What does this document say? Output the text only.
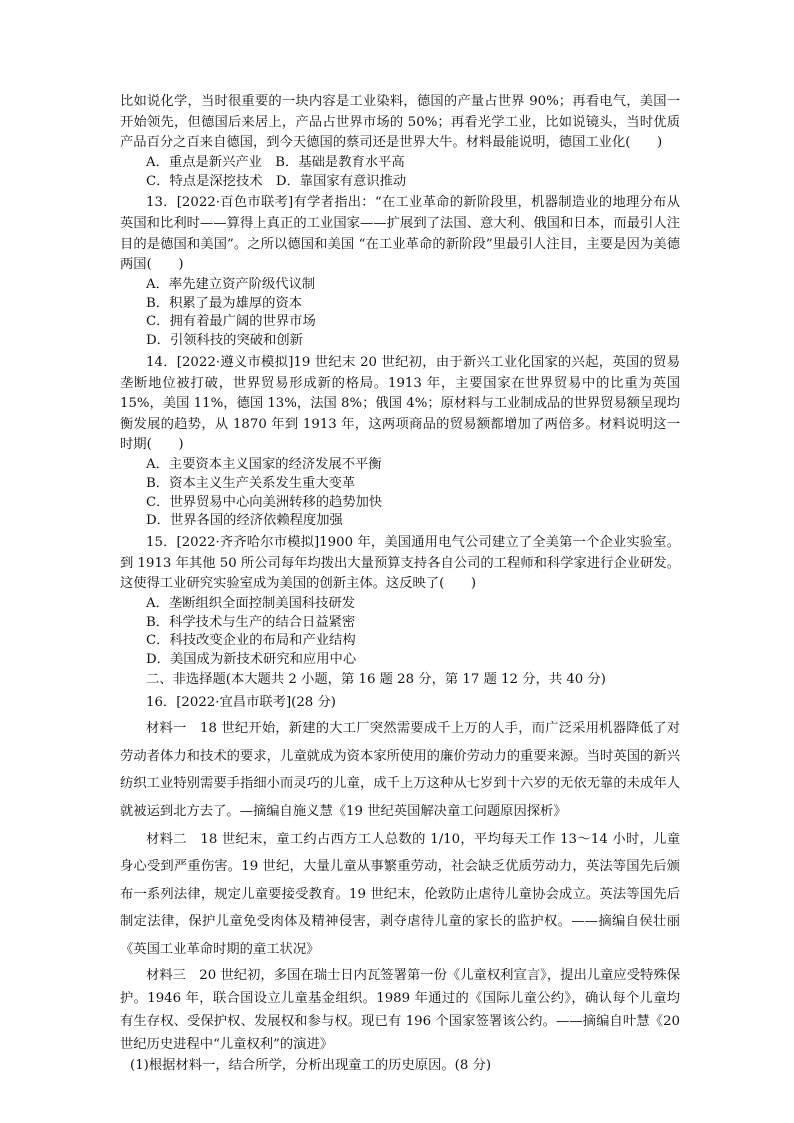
比如说化学，当时很重要的一块内容是工业染料，德国的产量占世界 90%；再看电气，美国一开始领先，但德国后来居上，产品占世界市场的 50%；再看光学工业，比如说镜头，当时优质产品百分之百来自德国，到今天德国的蔡司还是世界大牛。材料最能说明，德国工业化(　　)

A．重点是新兴产业　B．基础是教育水平高

C．特点是深挖技术　D．靠国家有意识推动

13．[2022·百色市联考]有学者指出：“在工业革命的新阶段里，机器制造业的地理分布从英国和比利时——算得上真正的工业国家——扩展到了法国、意大利、俄国和日本，而最引人注目的是德国和美国”。之所以德国和美国 “在工业革命的新阶段”里最引人注目，主要是因为美德两国(　　)

A．率先建立资产阶级代议制

B．积累了最为雄厚的资本

C．拥有着最广阔的世界市场

D．引领科技的突破和创新

14．[2022·遵义市模拟]19 世纪末 20 世纪初，由于新兴工业化国家的兴起，英国的贸易垄断地位被打破，世界贸易形成新的格局。1913 年，主要国家在世界贸易中的比重为英国 15%，美国 11%，德国 13%，法国 8%；俄国 4%；原材料与工业制成品的世界贸易额呈现均衡发展的趋势，从 1870 年到 1913 年，这两项商品的贸易额都增加了两倍多。材料说明这一时期(　　)

A．主要资本主义国家的经济发展不平衡

B．资本主义生产关系发生重大变革

C．世界贸易中心向美洲转移的趋势加快

D．世界各国的经济依赖程度加强

15．[2022·齐齐哈尔市模拟]1900 年，美国通用电气公司建立了全美第一个企业实验室。到 1913 年其他 50 所公司每年均拨出大量预算支持各自公司的工程师和科学家进行企业研发。这使得工业研究实验室成为美国的创新主体。这反映了(　　)

A．垄断组织全面控制美国科技研发

B．科学技术与生产的结合日益紧密

C．科技改变企业的布局和产业结构

D．美国成为新技术研究和应用中心

二、非选择题(本大题共 2 小题，第 16 题 28 分，第 17 题 12 分，共 40 分)

16．[2022·宜昌市联考](28 分)

材料一　18 世纪开始，新建的大工厂突然需要成千上万的人手，而广泛采用机器降低了对劳动者体力和技术的要求，儿童就成为资本家所使用的廉价劳动力的重要来源。当时英国的新兴纺织工业特别需要手指细小而灵巧的儿童，成千上万这种从七岁到十六岁的无依无靠的未成年人就被运到北方去了。—摘编自施义慧《19 世纪英国解决童工问题原因探析》

材料二　18 世纪末，童工约占西方工人总数的 1/10，平均每天工作 13～14 小时，儿童身心受到严重伤害。19 世纪，大量儿童从事繁重劳动，社会缺乏优质劳动力，英法等国先后颁布一系列法律，规定儿童要接受教育。19 世纪末，伦敦防止虐待儿童协会成立。英法等国先后制定法律，保护儿童免受肉体及精神侵害，剥夺虐待儿童的家长的监护权。——摘编自侯壮丽《英国工业革命时期的童工状况》

材料三　20 世纪初，多国在瑞士日内瓦签署第一份《儿童权利宣言》，提出儿童应受特殊保护。1946 年，联合国设立儿童基金组织。1989 年通过的《国际儿童公约》，确认每个儿童均有生存权、受保护权、发展权和参与权。现已有 196 个国家签署该公约。——摘编自叶慧《20 世纪历史进程中“儿童权利”的演进》

(1)根据材料一，结合所学，分析出现童工的历史原因。(8 分)
